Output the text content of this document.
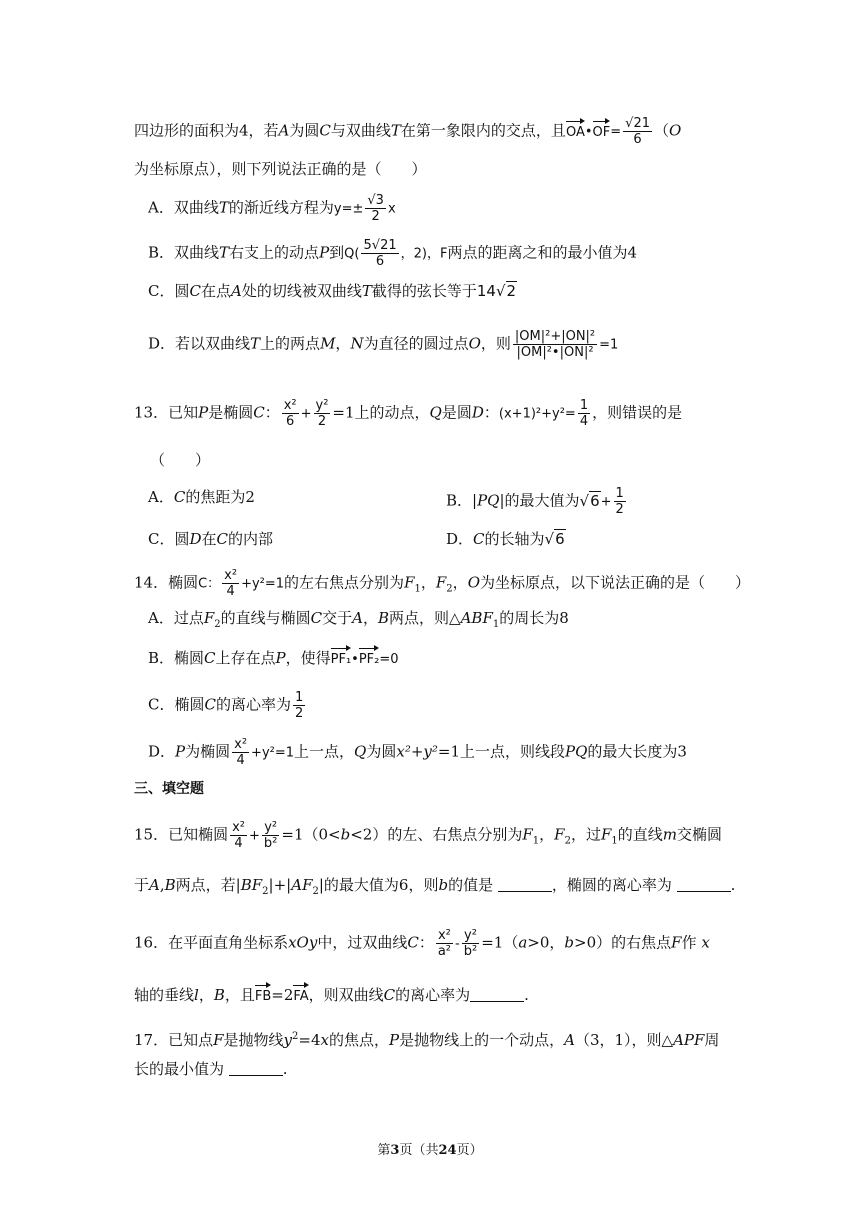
四边形的面积为4，若A为圆C与双曲线T在第一象限内的交点，且OA•OF= $\frac{√21}{6} (O$
为坐标原点），则下列说法正确的是（　　）
A．双曲线T的渐近线方程为$y=\pm \frac{√3}{2}$ x
B．双曲线T右支上的动点P到$Q( \frac{5√21}{6}$ ，2)，F两点的距离之和的最小值为4
C．圆C在点A处的切线被双曲线T截得的弦长等于14√2
D．若以双曲线T上的两点M，N为直径的圆过点O，则 $\frac{\text{|OM|²+|ON|²}}{\text{|OM|²•|ON|²}} =1$
13．已知P是椭圆C： $\frac{\text{x²}}{6} + \frac{\text{y²}}{2} =1$上的动点，Q是圆D：$(x+1)^2+y^2= \frac{1}{4}$ ，则错误的是
（　　）
A．C的焦距为2	B．|PQ|的最大值为$√6+ \frac{1}{2}$
C．圆D在C的内部	D．C的长轴为√6
14．椭圆C： $\frac{\text{x²}}{4} +y^2=1$的左右焦点分别为$F_1$，$F_2$，O为坐标原点，以下说法正确的是（　　）
A．过点$F_2$的直线与椭圆C交于A，B两点，则$\triangle ABF_1$的周长为8
B．椭圆C上存在点P，使得PF₁•PF₂=0
C．椭圆C的离心率为 $\frac{1}{2}$
D．P为椭圆 $\frac{\text{x²}}{4} +y^2=1$上一点，Q为圆x²+y²=1上一点，则线段PQ的最大长度为3
三、填空题
15．已知椭圆 $\frac{\text{x²}}{4} + \frac{\text{y²}}{\text{b²}} =1(0<b<2)$的左、右焦点分别为$F_1$，$F_2$，过$F_1$的直线m交椭圆
于A,B两点，若$|BF_2|+|AF_2|$的最大值为6，则b的值是	，椭圆的离心率为	.
16．在平面直角坐标系xOy中，过双曲线C： $\frac{\text{x²}}{\text{a²}} - \frac{\text{y²}}{\text{b²}} =1(a>0$，b>0）的右焦点F作 x
轴的垂线l，B，且FB=2FA，则双曲线C的离心率为	.
17．已知点F是抛物线$y^2=4x$的焦点，P是抛物线上的一个动点，A（3，1），则△APF周
长的最小值为	.
第3页（共24页）
